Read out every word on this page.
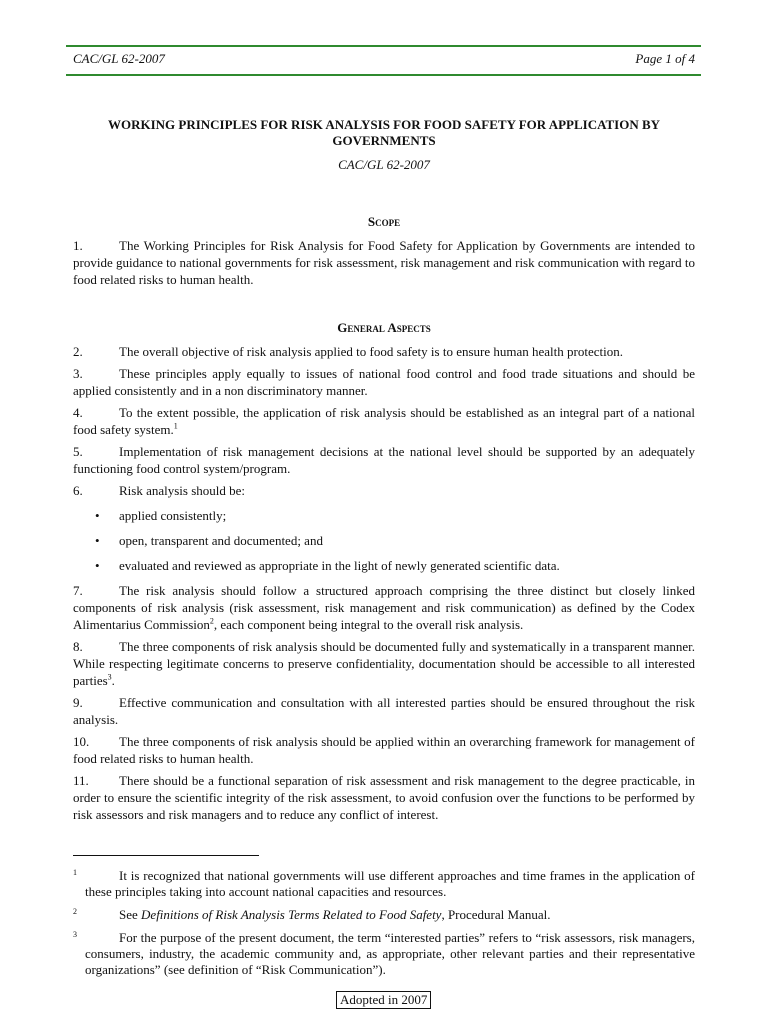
CAC/GL 62-2007	Page 1 of 4
WORKING PRINCIPLES FOR RISK ANALYSIS FOR FOOD SAFETY FOR APPLICATION BY GOVERNMENTS
CAC/GL 62-2007
Scope

1.	The Working Principles for Risk Analysis for Food Safety for Application by Governments are intended to provide guidance to national governments for risk assessment, risk management and risk communication with regard to food related risks to human health.

General Aspects

2.	The overall objective of risk analysis applied to food safety is to ensure human health protection.

3.	These principles apply equally to issues of national food control and food trade situations and should be applied consistently and in a non discriminatory manner.

4.	To the extent possible, the application of risk analysis should be established as an integral part of a national food safety system.$^1$

5.	Implementation of risk management decisions at the national level should be supported by an adequately functioning food control system/program.

6.	Risk analysis should be:

• applied consistently;
• open, transparent and documented; and
• evaluated and reviewed as appropriate in the light of newly generated scientific data.

7.	The risk analysis should follow a structured approach comprising the three distinct but closely linked components of risk analysis (risk assessment, risk management and risk communication) as defined by the Codex Alimentarius Commission$^2$, each component being integral to the overall risk analysis.

8.	The three components of risk analysis should be documented fully and systematically in a transparent manner. While respecting legitimate concerns to preserve confidentiality, documentation should be accessible to all interested parties$^3$.

9.	Effective communication and consultation with all interested parties should be ensured throughout the risk analysis.

10. The three components of risk analysis should be applied within an overarching framework for management of food related risks to human health.

11. There should be a functional separation of risk assessment and risk management to the degree practicable, in order to ensure the scientific integrity of the risk assessment, to avoid confusion over the functions to be performed by risk assessors and risk managers and to reduce any conflict of interest.

1	It is recognized that national governments will use different approaches and time frames in the application of these principles taking into account national capacities and resources.

2	See Definitions of Risk Analysis Terms Related to Food Safety, Procedural Manual.

3	For the purpose of the present document, the term “interested parties” refers to “risk assessors, risk managers, consumers, industry, the academic community and, as appropriate, other relevant parties and their representative organizations” (see definition of “Risk Communication”).

Adopted in 2007
